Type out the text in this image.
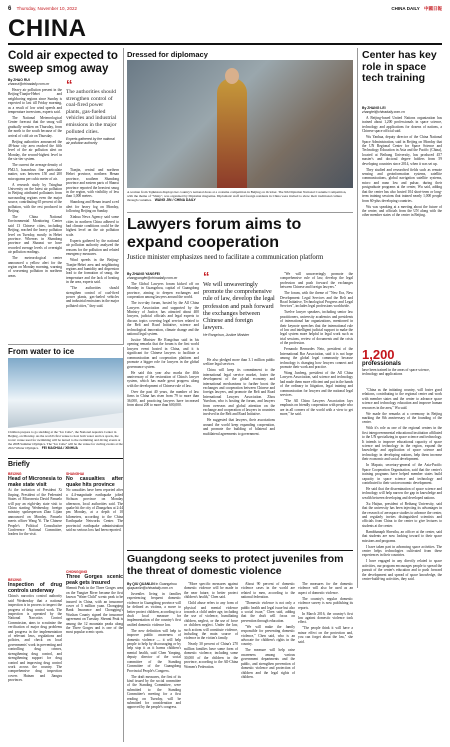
6 Thursday, November 10, 2022	CHINA DAILY 中國日報
CHINA
Cold air expected to sweep smog away
By ZHAO RUI
zhaorui@chinadaily.com.cn

Heavy air pollution present in the Beijing-Tianjin-Hebei and neighboring regions since Sunday is expected to last till Friday morning, as a result of low wind speeds and temperature inversions, experts said.

The National Meteorological Center forecast that the smog will gradually weaken on Thursday, from the north to the south because of the arrival of cold air on Thursday.

Beijing authorities announced the 48-hour city area reached the fifth level of the air pollution alert on Monday, the second-highest level in the six-tier system.

The current the average density of PM2.5, hazardous fine particulate matter, was between 150 and 200 micrograms per cubic meter of air.

A research study by Tsinghua University on the latest air pollution in Beijing attributed pollutants from surrounding regions even the major source, contributing 65 percent of the pollution, with the rest produced in Beijing.

The China National Environmental Monitoring Center said 13 Chinese cities, including Beijing, reached the heavy pollution level on Tuesday, mostly in Hebei province. Whereas in Shandong province and Shaanxi we have recorded average levels of overnight air pollution readings.

The meteorological center announced a yellow alert for the region on Monday morning, warning of worsening pollution in northern areas.

“
The authorities should strengthen control of coal-fired power plants, gas-fueled vehicles and industrial emissions in the major polluted cities.
Experts gathered by the national air pollution authority

Tianjin, central and northern Hebei province, northern Henan province, southern Shandong province and eastern parts of Shanxi province reported the heaviest smog in the region, with visibility of less than 1,000 meters.

Shandong and Henan issued a red alert for heavy fog on Monday, following Beijing on Sunday.

Xinhua News Agency said some cities in northern China adhered to bad climate conditions could be the highest level on the air pollution scale.

Experts gathered by the national air pollution authority analyzed the reasons for the pollution and related emergency measures.

Wind speeds in the Beijing-Tianjin-Hebei area and neighboring regions and humidity and dispersion lead to the formation of smog, the temperature and the lack of heating in the area, experts said.

"The authorities should strengthen control of coal-fired power plants, gas-fueled vehicles and industrial emissions in the major polluted cities," they said.

Dressed for diplomacy
A woman from Tajikistan displays her country's national dress at a costume competition in Beijing on October. The 9th Diplomat National Costume Competition, with the theme of "Shiny", was organized by Diplomat magazine. Diplomatic staff and foreign residents in China were invited to show their traditional culture through costumes. WANG JIN / CHINA DAILY
Center has key role in space tech training
By ZHANG LEI
zhanglei@chinadaily.com.cn

A Beijing-based United Nations organization has trained about 1,200 professionals in space science, technology and applications for dozens of nations, a Chinese space official said.

Wu Yanhua, deputy director of the China National Space Administration, said in Beijing on Monday that the UN Regional Center for Space Science and Technology Education in Asia and the Pacific (China), located at Beihang University, has produced 457 master's and doctoral degree holders from 59 developing countries since 2014, when it was set up.

They studied and researched fields such as remote sensing and geoinformation systems, satellite communications, global navigation satellite systems, micro and nano low and pulsar, during their postgraduate programs at the center, Wu said, adding that the center has also hosted 104 short-term or long-term training sessions that trained nearly 1,000 people from 60-plus developing countries.

Wu was speaking at a meeting about the future of the center, and officials from the UN along with the other member states of the center in Beijing.

1,200
professionals
have been trained in the areas of space science, technology and applications

"China as the initiating country, will foster good relations, contributing to the regional center and work with member states and the center to advance space science and technology education and improve human resources in the area," Wu said.

We made the remarks at a ceremony in Beijing marking the 8th anniversary of the founding of the center.

With it's role as one of the regional centers in the first intergovernmental educational institution affiliated to the UN specializing in space science and technology. It intends to improve educational capacity of space science and technology in the region, expand the knowledge and application of space science and technology in developing nations, help them increase their economic and social development.

In Maputo, secretary-general of the Asia-Pacific Space Cooperation Organization, said that the center's training programs have helped member states build capacity in space science and technology and contributed to their socioeconomic development.

He said that the dissemination of space science and technology will help narrow the gap in knowledge and wealth between developing and developed nations.

Xu Haijun, president of Beihang University, said that the university has been injecting its advantages in the research of aerospace studies to advance the center, and regularly invites distinguished scientists and officials from China to the center to give lectures to students at the center.

Rambhanaph Shrestha, an officer at the center, said that students are now looking toward to their space missions and programs.

I have taken part in advancing space activities. The center helps technologies cultivated from these experiences in their countries.

I have engaged in any directly related to space activities, our program encourages people to spread the pursuit of the center's education and to push forward the development and spread of space knowledge, the center-build-ing activities, they said.

Lawyers forum aims to expand cooperation
Justice minister emphasizes need to facilitate a communication platform
By ZHANG YANGFEI
zhangyangfei@chinadaily.com.cn

The Global Lawyers forum kicked off on Monday in Guangzhou, capital of Guangdong province, aiming to deepen exchanges and cooperation among lawyers around the world.

The two-day forum, hosted by the All China Lawyers Association and supported by the Ministry of Justice, has attracted about 400 lawyers, judicial officials and legal experts to discuss topics covering legal services related to the Belt and Road Initiative, science and technological innovation, climate change and the national legal system.

Justice Minister He Rongchun said in his opening remarks that the forum is the first world lawyers event hosted in China, and it is significant for Chinese lawyers to facilitate a communication and cooperation platform and promote a bigger role for lawyers in the global governance system.

He said this year also marks the 40th anniversary of the restoration of China's lawyer system, which has made great progress along with the development of Chinese rule of law.

Over the past 40 years, the number of law firms in China has risen from 79 to more than 36,000, and practicing lawyers have increased from about 200 to more than 600,000.

“
We will unwaveringly promote the comprehensive rule of law, develop the legal profession and push forward the exchanges between Chinese and foreign lawyers.
He Rongchun, Justice Minister

He also pledged more than 3.1 million public welfare legal services.

China will keep its commitment to the international legal service market, foster the development of the global economy and international mechanisms to further boost the exchanges and cooperation between Chinese and foreign lawyers, and promote the Belt and Road International Lawyers Association. Zhou Yuechun, who is hosting the forum, and lawyers from overseas and global attention on the exchange and cooperation of lawyers in countries involved in the Belt and Road Initiative.

He suggested that lawyers, their associations around the world keep expanding cooperation, and promote the building of bilateral and multilateral agreements to government.

"We will unwaveringly promote the comprehensive rule of law, develop the legal profession and push forward the exchanges between Chinese and foreign lawyers."

The forum, with the theme of "New Era, New Development: Legal Services and the Belt and Road Initiative, Technological Progress and Legal Services", includes legal professions worldwide.

Twelve lawyer speakers, including senior law practitioners, university academics and presidents of international bar organizations, mentioned in their keynote speeches that the international rule of law and intelligent judicial support to make the legal system more helpful in legal work such as trial sessions, review of documents and the crisis of the profession.

Fernando Bernardes Neto, president of the International Bar Association, said it is not hope among the global legal community because technology is changing how lawyers connect and promote their work and practice.

Wang Junfeng, president of the All China Lawyers Association, said science and technology had made them more efficient and put in the hands of the ordinary in litigation, legal training and communication for lawyers and the national legal services.

"The All China Lawyers Association lays emphasis on friendly cooperation with people who are in all corners of the world with a view to get more," he said.

From water to ice
Children prepare to go sledding at the "Ice Cube", the National Aquatics Center in Beijing, on Monday. As the world's first venue to host both water and ice sports, the iconic venue used for swimming will be turned to the swimming and diving events at the 2008 Summer Olympics. The "Ice Cube" will be the venue for curling events at the 2022 Winter Olympics. FEI MAOHUA / XINHUA
Briefly
BEIJING
Head of Micronesia to make state visit

At the invitation of President Xi Jinping, President of the Federated States of Micronesia David Panuelo will pay an eight-day state visit to China starting Wednesday, foreign ministry spokesperson Zhao Lijian announced on Monday. Panuelo meets officer Wang Yi. The Chinese People's Political Consultative Conference National Committee, leaders for the visit.

BEIJING
Inspection of drug controls underway

China's narcotics control authority said Wednesday that a national inspection is in process to inspect the progress of drug control work. The inspection is operated by the National Narcotics Control Commission, aims to scrutinize the verification of major drug problems and progress in the implementation of relevant laws, regulations and policies, and check on local governments' work in preventing and controlling drug crimes, strengthening drug control, and strengthening support for drug control and improving drug control work across the country. The comprehensive drug inspection covers Hainan and Jiangsu provinces.

SHANGHAI
No casualties after quake hits province

No casualties have been reported after a 4.4-magnitude earthquake jolted Sichuan province on Monday afternoon, local authorities said. The quake hit the city of Zhangzhou at 2:44 pm Monday, at a depth of 10 kilometers, according to the China Earthquake Networks Center. The provincial earthquake administration said no serious loss had been reported.

CHONGQING
Three Gorges scenic peak gets insured

Shennü Peak in the Three Gorges area on the Yangtze River became the first known "Water Child" scenic peak to be insured in China, with an insurance cover of 5 million yuan. Chongqing Bank Insurance and Chongqing's Wushan County signed the insurance agreement on Tuesday. Shennü Peak is among the 12 mountain peaks along the Three Gorges and is one of the most popular scenic spots.

Guangdong seeks to protect juveniles from the threat of domestic violence
By QIU QUANLIN in Guangzhou
qiuquanlin@chinadaily.com.cn

Juveniles living in families experiencing frequent domestic violence in Guangdong province will be defined as victims, a move to better protect children, according to a draft local measure for implementation of the country's first unified domestic violence law.

The new definition will help to improve public awareness of domestic violence — it will help people to help by discouraging or by help stop it as it harms children's mental health, said Chen Yanping, deputy director of the social committee of the Standing Committee of the Guangdong Provincial People's Congress.

The draft measures, the first of its kind issued by the social committee of the Standing Committee, were submitted to the Standing Committee's meeting for a first reading on Tuesday, will be submitted for consideration and approved by the people's congress.

"More specific measures against domestic violence will be made in the near future, to better protect children's health," Chen said.

Child abuse refers to any form of physical and mental violence towards a child under age, including the use of violence, humiliating children, neglect, or the use of force or children neglect. Under the law, such actions will constitute violence, including the main source of violence in the victim's family.

Nearly 30 percent of China's 270 million families have some form of domestic violence, including some 30,000 of the children in the province, according to the All-China Women's Federation.

About 90 percent of domestic violence cases in the world are related to men, according to the national federation.

"Domestic violence is not only a public health and legal issue but also a social issue," Chen said, adding that the draft will focus on prevention through education.

"We will make the family responsible for preventing domestic violence," Chen said, who is an advocate for children's rights in the country.

The measure will help raise awareness among various government departments and the public, and strengthen prevention of domestic violence and protection of children and the legal rights of children.

The measures for the domestic violence will also be used as an aspect of domestic violence.

The country's regular domestic violence survey is now publishing its reports.

In March 2016, the country's first law against domestic violence took effect.

"The people think it will have a minor effect on the protection and, you can forget about the law," she said.
